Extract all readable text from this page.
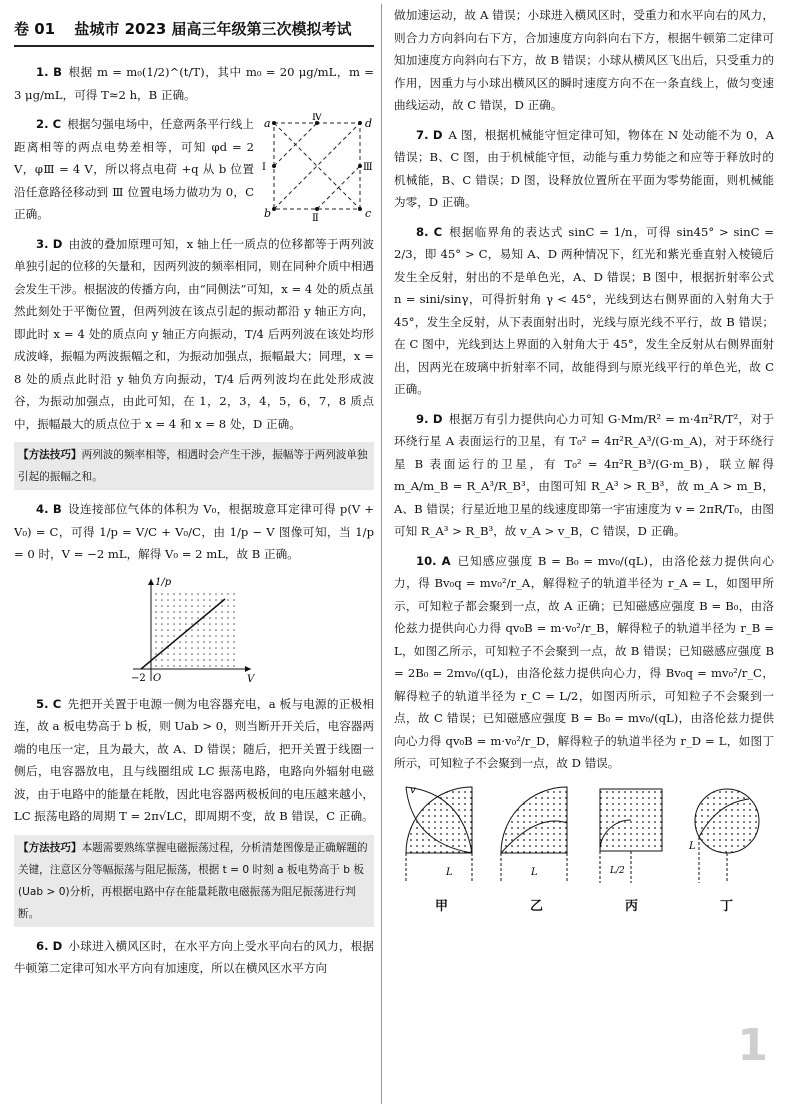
卷 01 盐城市 2023 届高三年级第三次模拟考试

1. B 根据 m = m₀(1/2)^(t/T)，其中 m₀ = 20 μg/mL，m = 3 μg/mL，可得 T≈2 h，B 正确。

a	d
b	c
Ⅰ	Ⅲ
Ⅳ
Ⅱ

2. C 根据匀强电场中，任意两条平行线上距离相等的两点电势差相等，可知 φd = 2 V，φⅢ = 4 V，所以将点电荷 +q 从 b 位置沿任意路径移动到 Ⅲ 位置电场力做功为 0，C 正确。

3. D 由波的叠加原理可知，x 轴上任一质点的位移都等于两列波单独引起的位移的矢量和，因两列波的频率相同，则在同种介质中相遇会发生干涉。根据波的传播方向，由“同侧法”可知，x = 4 处的质点虽然此刻处于平衡位置，但两列波在该点引起的振动都沿 y 轴正方向，即此时 x = 4 处的质点向 y 轴正方向振动，T/4 后两列波在该处均形成波峰，振幅为两波振幅之和，为振动加强点，振幅最大；同理，x = 8 处的质点此时沿 y 轴负方向振动，T/4 后两列波均在此处形成波谷，为振动加强点，由此可知，在 1，2，3，4，5，6，7，8 质点中，振幅最大的质点位于 x = 4 和 x = 8 处，D 正确。

【方法技巧】两列波的频率相等，相遇时会产生干涉，振幅等于两列波单独引起的振幅之和。

4. B 设连接部位气体的体积为 V₀，根据玻意耳定律可得 p(V + V₀) = C，可得 1/p = V/C + V₀/C，由 1/p − V 图像可知，当 1/p = 0 时，V = −2 mL，解得 V₀ = 2 mL，故 B 正确。

1/p
V
−2 O

5. C 先把开关置于电源一侧为电容器充电，a 板与电源的正极相连，故 a 板电势高于 b 板，则 Uab > 0，则当断开开关后，电容器两端的电压一定，且为最大，故 A、D 错误；随后，把开关置于线圈一侧后，电容器放电，且与线圈组成 LC 振荡电路，电路向外辐射电磁波，由于电路中的能量在耗散，因此电容器两极板间的电压越来越小，LC 振荡电路的周期 T = 2π√LC，即周期不变，故 B 错误，C 正确。

【方法技巧】本题需要熟练掌握电磁振荡过程，分析清楚图像是正确解题的关键，注意区分等幅振荡与阻尼振荡，根据 t = 0 时刻 a 板电势高于 b 板(Uab > 0)分析，再根据电路中存在能量耗散电磁振荡为阻尼振荡进行判断。

6. D 小球进入横风区时，在水平方向上受水平向右的风力，根据牛顿第二定律可知水平方向有加速度，所以在横风区水平方向

做加速运动，故 A 错误；小球进入横风区时，受重力和水平向右的风力，则合力方向斜向右下方，合加速度方向斜向右下方，根据牛顿第二定律可知加速度方向斜向右下方，故 B 错误；小球从横风区飞出后，只受重力的作用，因重力与小球出横风区的瞬时速度方向不在一条直线上，做匀变速曲线运动，故 C 错误，D 正确。

7. D A 图，根据机械能守恒定律可知，物体在 N 处动能不为 0，A 错误；B、C 图，由于机械能守恒，动能与重力势能之和应等于释放时的机械能，B、C 错误；D 图，设释放位置所在平面为零势能面，则机械能为零，D 正确。

8. C 根据临界角的表达式 sinC = 1/n，可得 sin45° > sinC = 2/3，即 45° > C，易知 A、D 两种情况下，红光和紫光垂直射入棱镜后发生全反射，射出的不是单色光，A、D 错误；B 图中，根据折射率公式 n = sini/sinγ，可得折射角 γ < 45°，光线到达右侧界面的入射角大于 45°，发生全反射，从下表面射出时，光线与原光线不平行，故 B 错误；在 C 图中，光线到达上界面的入射角大于 45°，发生全反射从右侧界面射出，因两光在玻璃中折射率不同，故能得到与原光线平行的单色光，故 C 正确。

9. D 根据万有引力提供向心力可知 G·Mm/R² = m·4π²R/T²，对于环绕行星 A 表面运行的卫星，有 T₀² = 4π²R_A³/(G·m_A)，对于环绕行星 B 表面运行的卫星，有 T₀² = 4π²R_B³/(G·m_B)，联立解得 m_A/m_B = R_A³/R_B³，由图可知 R_A³ > R_B³，故 m_A > m_B，A、B 错误；行星近地卫星的线速度即第一宇宙速度为 v = 2πR/T₀，由图可知 R_A³ > R_B³，故 v_A > v_B，C 错误，D 正确。

10. A 已知感应强度 B = B₀ = mv₀/(qL)，由洛伦兹力提供向心力，得 Bv₀q = mv₀²/r_A，解得粒子的轨道半径为 r_A = L，如图甲所示，可知粒子都会聚到一点，故 A 正确；已知磁感应强度 B = B₀，由洛伦兹力提供向心力得 qv₀B = m·v₀²/r_B，解得粒子的轨道半径为 r_B = L，如图乙所示，可知粒子不会聚到一点，故 B 错误；已知磁感应强度 B = 2B₀ = 2mv₀/(qL)，由洛伦兹力提供向心力，得 Bv₀q = mv₀²/r_C，解得粒子的轨道半径为 r_C = L/2，如图丙所示，可知粒子不会聚到一点，故 C 错误；已知磁感应强度 B = B₀ = mv₀/(qL)，由洛伦兹力提供向心力得 qv₀B = m·v₀²/r_D，解得粒子的轨道半径为 r_D = L，如图丁所示，可知粒子不会聚到一点，故 D 错误。

v
L
甲
L
乙
L/2
丙
L
丁
1
